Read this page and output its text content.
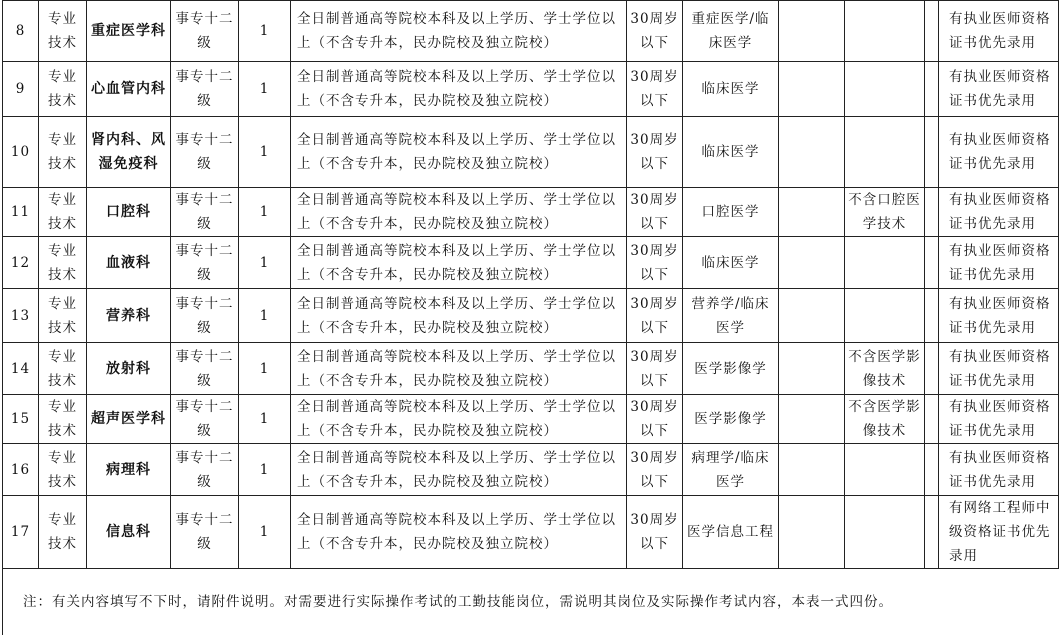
8	专业技术	重症医学科	事专十二级	1	全日制普通高等院校本科及以上学历、学士学位以上（不含专升本，民办院校及独立院校）	30周岁以下	重症医学/临床医学				有执业医师资格证书优先录用
9	专业技术	心血管内科	事专十二级	1	全日制普通高等院校本科及以上学历、学士学位以上（不含专升本，民办院校及独立院校）	30周岁以下	临床医学				有执业医师资格证书优先录用
10	专业技术	肾内科、风湿免疫科	事专十二级	1	全日制普通高等院校本科及以上学历、学士学位以上（不含专升本，民办院校及独立院校）	30周岁以下	临床医学				有执业医师资格证书优先录用
11	专业技术	口腔科	事专十二级	1	全日制普通高等院校本科及以上学历、学士学位以上（不含专升本，民办院校及独立院校）	30周岁以下	口腔医学		不含口腔医学技术		有执业医师资格证书优先录用
12	专业技术	血液科	事专十二级	1	全日制普通高等院校本科及以上学历、学士学位以上（不含专升本，民办院校及独立院校）	30周岁以下	临床医学				有执业医师资格证书优先录用
13	专业技术	营养科	事专十二级	1	全日制普通高等院校本科及以上学历、学士学位以上（不含专升本，民办院校及独立院校）	30周岁以下	营养学/临床医学				有执业医师资格证书优先录用
14	专业技术	放射科	事专十二级	1	全日制普通高等院校本科及以上学历、学士学位以上（不含专升本，民办院校及独立院校）	30周岁以下	医学影像学		不含医学影像技术		有执业医师资格证书优先录用
15	专业技术	超声医学科	事专十二级	1	全日制普通高等院校本科及以上学历、学士学位以上（不含专升本，民办院校及独立院校）	30周岁以下	医学影像学		不含医学影像技术		有执业医师资格证书优先录用
16	专业技术	病理科	事专十二级	1	全日制普通高等院校本科及以上学历、学士学位以上（不含专升本，民办院校及独立院校）	30周岁以下	病理学/临床医学				有执业医师资格证书优先录用
17	专业技术	信息科	事专十二级	1	全日制普通高等院校本科及以上学历、学士学位以上（不含专升本，民办院校及独立院校）	30周岁以下	医学信息工程				有网络工程师中级资格证书优先录用
注：有关内容填写不下时，请附件说明。对需要进行实际操作考试的工勤技能岗位，需说明其岗位及实际操作考试内容，本表一式四份。											
